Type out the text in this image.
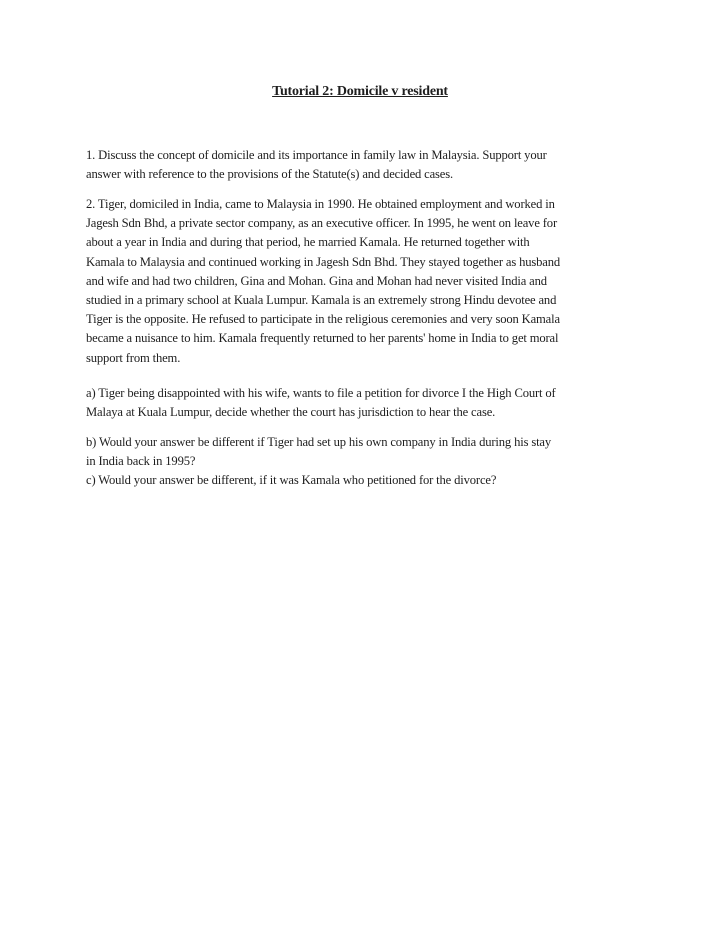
Tutorial 2: Domicile v resident
1. Discuss the concept of domicile and its importance in family law in Malaysia. Support your
answer with reference to the provisions of the Statute(s) and decided cases.
2. Tiger, domiciled in India, came to Malaysia in 1990. He obtained employment and worked in
Jagesh Sdn Bhd, a private sector company, as an executive officer. In 1995, he went on leave for
about a year in India and during that period, he married Kamala. He returned together with
Kamala to Malaysia and continued working in Jagesh Sdn Bhd. They stayed together as husband
and wife and had two children, Gina and Mohan. Gina and Mohan had never visited India and
studied in a primary school at Kuala Lumpur. Kamala is an extremely strong Hindu devotee and
Tiger is the opposite. He refused to participate in the religious ceremonies and very soon Kamala
became a nuisance to him. Kamala frequently returned to her parents' home in India to get moral
support from them.
a) Tiger being disappointed with his wife, wants to file a petition for divorce I the High Court of
Malaya at Kuala Lumpur, decide whether the court has jurisdiction to hear the case.
b) Would your answer be different if Tiger had set up his own company in India during his stay
in India back in 1995?
c) Would your answer be different, if it was Kamala who petitioned for the divorce?
